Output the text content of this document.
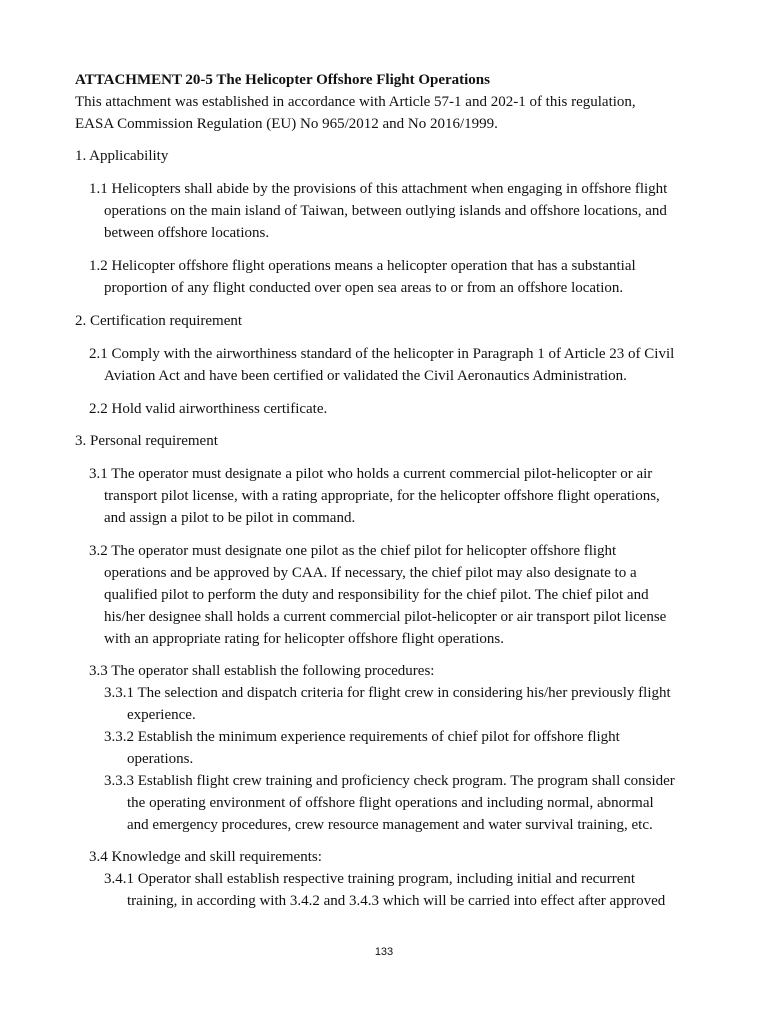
ATTACHMENT 20-5 The Helicopter Offshore Flight Operations
This attachment was established in accordance with Article 57-1 and 202-1 of this regulation,
EASA Commission Regulation (EU) No 965/2012 and No 2016/1999.
1. Applicability
1.1 Helicopters shall abide by the provisions of this attachment when engaging in offshore flight
operations on the main island of Taiwan, between outlying islands and offshore locations, and
between offshore locations.
1.2 Helicopter offshore flight operations means a helicopter operation that has a substantial
proportion of any flight conducted over open sea areas to or from an offshore location.
2. Certification requirement
2.1 Comply with the airworthiness standard of the helicopter in Paragraph 1 of Article 23 of Civil
Aviation Act and have been certified or validated the Civil Aeronautics Administration.
2.2 Hold valid airworthiness certificate.
3. Personal requirement
3.1 The operator must designate a pilot who holds a current commercial pilot-helicopter or air
transport pilot license, with a rating appropriate, for the helicopter offshore flight operations,
and assign a pilot to be pilot in command.
3.2 The operator must designate one pilot as the chief pilot for helicopter offshore flight
operations and be approved by CAA. If necessary, the chief pilot may also designate to a
qualified pilot to perform the duty and responsibility for the chief pilot. The chief pilot and
his/her designee shall holds a current commercial pilot-helicopter or air transport pilot license
with an appropriate rating for helicopter offshore flight operations.
3.3 The operator shall establish the following procedures:
3.3.1 The selection and dispatch criteria for flight crew in considering his/her previously flight
experience.
3.3.2 Establish the minimum experience requirements of chief pilot for offshore flight
operations.
3.3.3 Establish flight crew training and proficiency check program. The program shall consider
the operating environment of offshore flight operations and including normal, abnormal
and emergency procedures, crew resource management and water survival training, etc.
3.4 Knowledge and skill requirements:
3.4.1 Operator shall establish respective training program, including initial and recurrent
training, in according with 3.4.2 and 3.4.3 which will be carried into effect after approved
133
